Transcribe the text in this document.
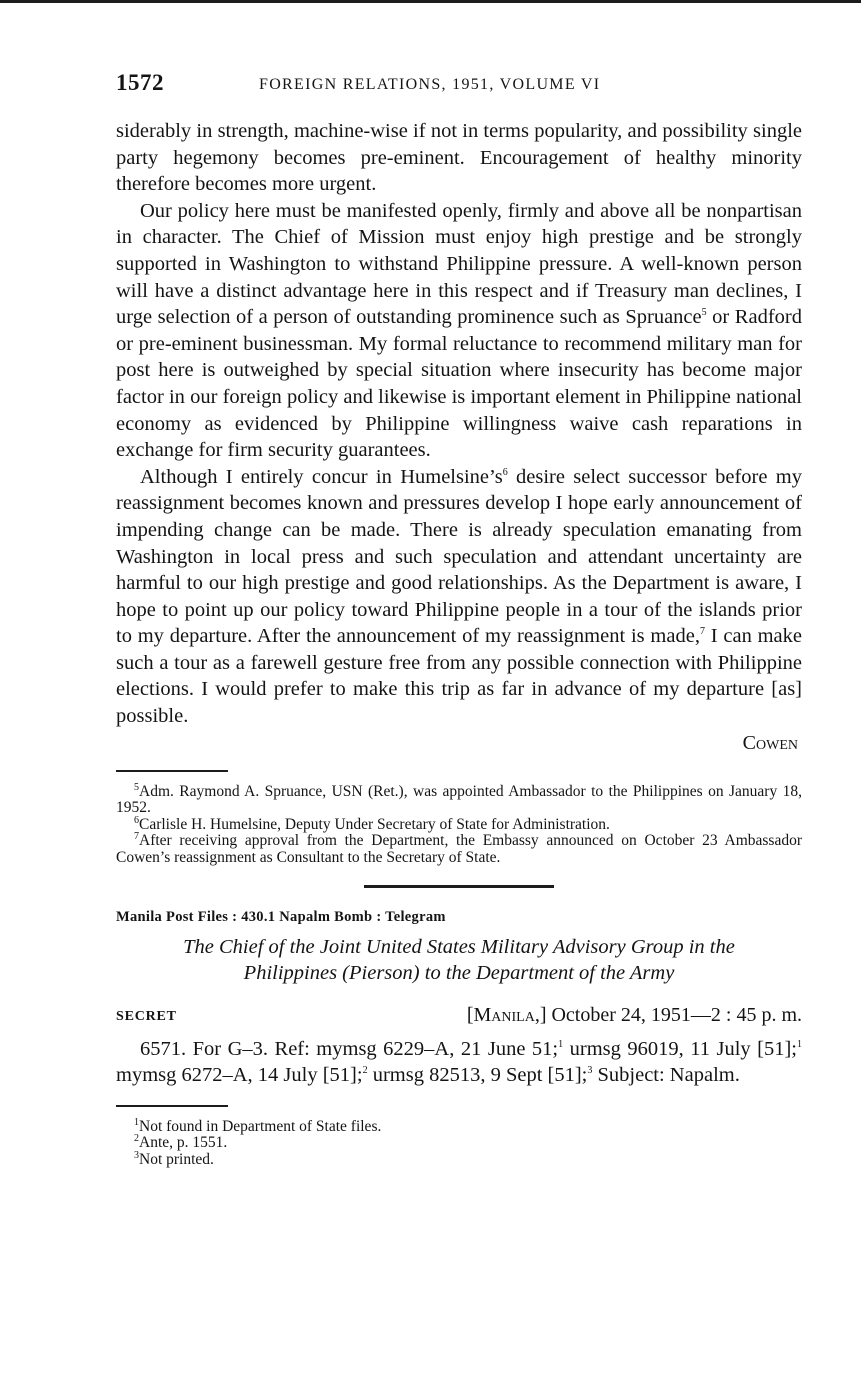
1572	FOREIGN RELATIONS, 1951, VOLUME VI

siderably in strength, machine-wise if not in terms popularity, and possibility single party hegemony becomes pre-eminent. Encouragement of healthy minority therefore becomes more urgent.

Our policy here must be manifested openly, firmly and above all be nonpartisan in character. The Chief of Mission must enjoy high prestige and be strongly supported in Washington to withstand Philippine pressure. A well-known person will have a distinct advantage here in this respect and if Treasury man declines, I urge selection of a person of outstanding prominence such as Spruance$^5$ or Radford or pre-eminent businessman. My formal reluctance to recommend military man for post here is outweighed by special situation where insecurity has become major factor in our foreign policy and likewise is important element in Philippine national economy as evidenced by Philippine willingness waive cash reparations in exchange for firm security guarantees.

Although I entirely concur in $Humelsine’s^6$ desire select successor before my reassignment becomes known and pressures develop I hope early announcement of impending change can be made. There is already speculation emanating from Washington in local press and such speculation and attendant uncertainty are harmful to our high prestige and good relationships. As the Department is aware, I hope to point up our policy toward Philippine people in a tour of the islands prior to my departure. After the announcement of my reassignment is made,$^7$ I can make such a tour as a farewell gesture free from any possible connection with Philippine elections. I would prefer to make this trip as far in advance of my departure [as] possible.

Cowen

$^5$Adm. Raymond A. Spruance, USN (Ret.), was appointed Ambassador to the Philippines on January 18, 1952.

$^6$Carlisle H. Humelsine, Deputy Under Secretary of State for Administration.

$^7$After receiving approval from the Department, the Embassy announced on October 23 Ambassador Cowen’s reassignment as Consultant to the Secretary of State.

Manila Post Files : 430.1 Napalm Bomb : Telegram
The Chief of the Joint United States Military Advisory Group in the
Philippines (Pierson) to the Department of the Army
SECRET	[Manila,] October 24, 1951—2 : 45 p. m.

6571. For G–3. Ref: mymsg 6229–A, 21 June 51;$^1$ urmsg 96019, 11 July [51];$^1$ mymsg 6272–A, 14 July [51];$^2$ urmsg 82513, 9 Sept [51];$^3$ Subject: Napalm.

$^1$Not found in Department of State files.

$^2$Ante, p. 1551.

$^3$Not printed.
